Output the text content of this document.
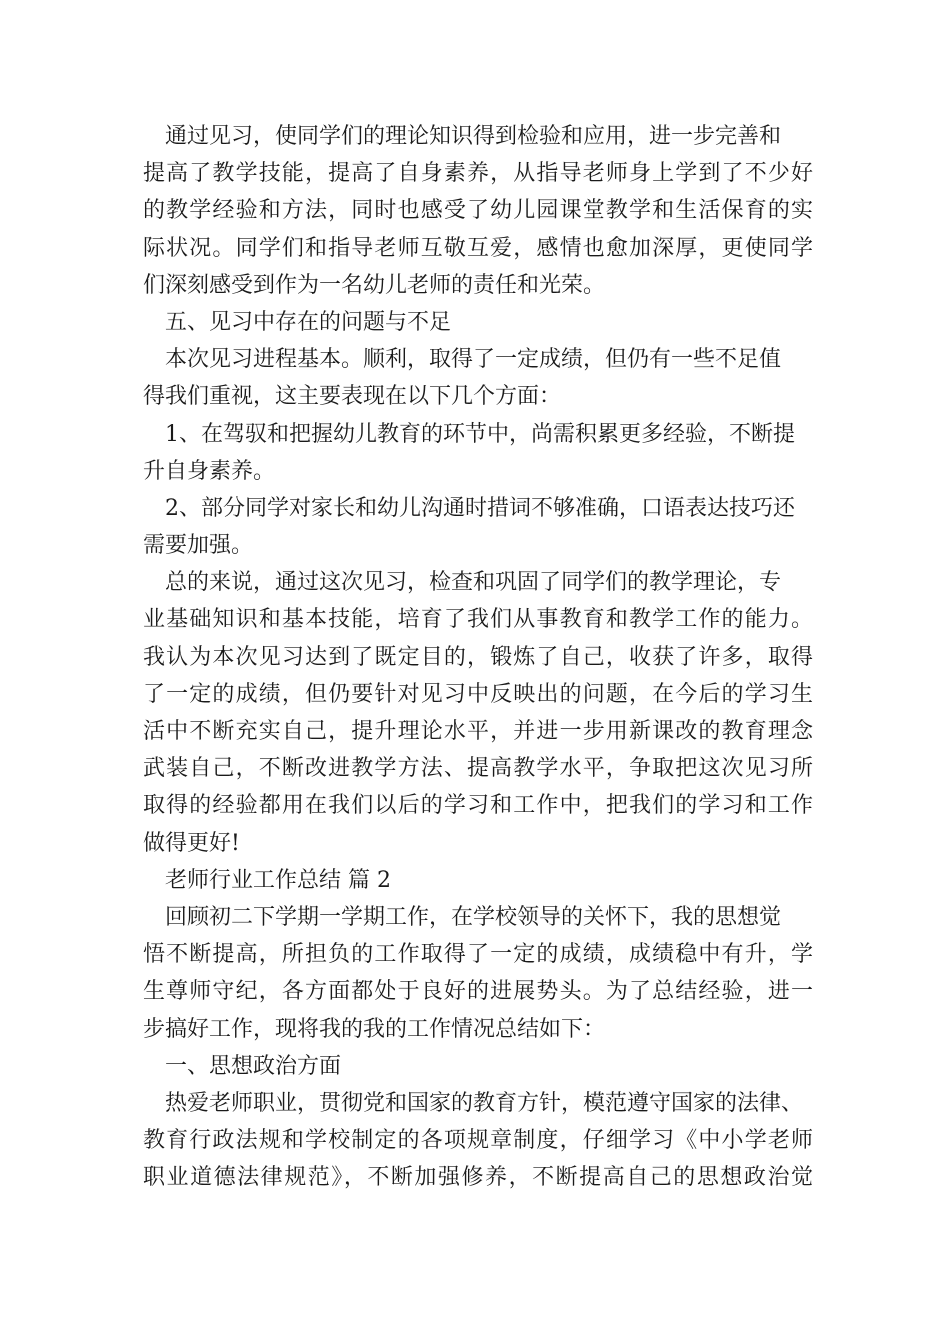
通过见习，使同学们的理论知识得到检验和应用，进一步完善和
提高了教学技能，提高了自身素养，从指导老师身上学到了不少好
的教学经验和方法，同时也感受了幼儿园课堂教学和生活保育的实
际状况。同学们和指导老师互敬互爱，感情也愈加深厚，更使同学
们深刻感受到作为一名幼儿老师的责任和光荣。
五、见习中存在的问题与不足
本次见习进程基本。顺利，取得了一定成绩，但仍有一些不足值
得我们重视，这主要表现在以下几个方面：
1、在驾驭和把握幼儿教育的环节中，尚需积累更多经验，不断提
升自身素养。
2、部分同学对家长和幼儿沟通时措词不够准确，口语表达技巧还
需要加强。
总的来说，通过这次见习，检查和巩固了同学们的教学理论，专
业基础知识和基本技能，培育了我们从事教育和教学工作的能力。
我认为本次见习达到了既定目的，锻炼了自己，收获了许多，取得
了一定的成绩，但仍要针对见习中反映出的问题，在今后的学习生
活中不断充实自己，提升理论水平，并进一步用新课改的教育理念
武装自己，不断改进教学方法、提高教学水平，争取把这次见习所
取得的经验都用在我们以后的学习和工作中，把我们的学习和工作
做得更好!
老师行业工作总结 篇 2
回顾初二下学期一学期工作，在学校领导的关怀下，我的思想觉
悟不断提高，所担负的工作取得了一定的成绩，成绩稳中有升，学
生尊师守纪，各方面都处于良好的进展势头。为了总结经验，进一
步搞好工作，现将我的我的工作情况总结如下：
一、思想政治方面
热爱老师职业，贯彻党和国家的教育方针，模范遵守国家的法律、
教育行政法规和学校制定的各项规章制度，仔细学习《中小学老师
职业道德法律规范》，不断加强修养，不断提高自己的思想政治觉
